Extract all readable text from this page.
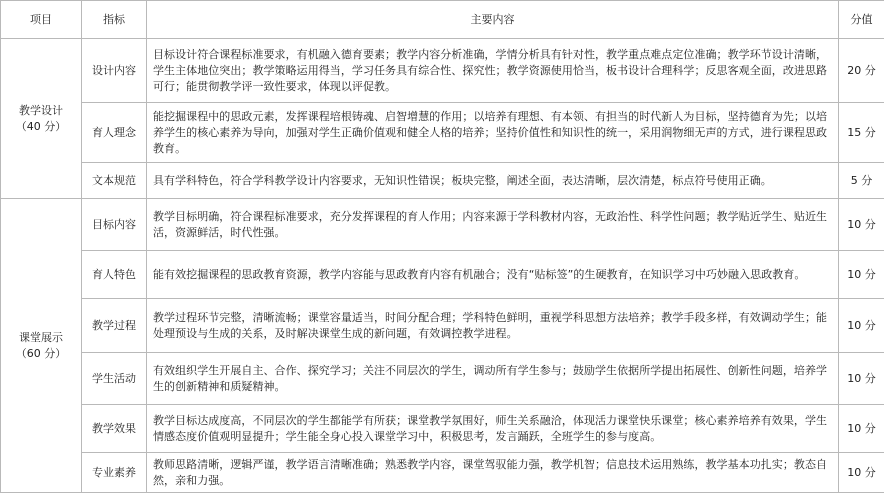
项目	指标	主要内容	分值

教学设计
（40 分）	设计内容	目标设计符合课程标准要求，有机融入德育要素；教学内容分析准确，学情分析具有针对性，教学重点难点定位准确；教学环节设计清晰，学生主体地位突出；教学策略运用得当，学习任务具有综合性、探究性；教学资源使用恰当，板书设计合理科学；反思客观全面，改进思路可行；能贯彻教学评一致性要求，体现以评促教。	20 分
	育人理念	能挖掘课程中的思政元素，发挥课程培根铸魂、启智增慧的作用；以培养有理想、有本领、有担当的时代新人为目标，坚持德育为先；以培养学生的核心素养为导向，加强对学生正确价值观和健全人格的培养；坚持价值性和知识性的统一，采用润物细无声的方式，进行课程思政教育。	15 分
	文本规范	具有学科特色，符合学科教学设计内容要求，无知识性错误；板块完整，阐述全面，表达清晰，层次清楚，标点符号使用正确。	5 分

课堂展示
（60 分）	目标内容	教学目标明确，符合课程标准要求，充分发挥课程的育人作用；内容来源于学科教材内容，无政治性、科学性问题；教学贴近学生、贴近生活，资源鲜活，时代性强。	10 分
	育人特色	能有效挖掘课程的思政教育资源，教学内容能与思政教育内容有机融合；没有“贴标签”的生硬教育，在知识学习中巧妙融入思政教育。	10 分
	教学过程	教学过程环节完整，清晰流畅；课堂容量适当，时间分配合理；学科特色鲜明，重视学科思想方法培养；教学手段多样，有效调动学生；能处理预设与生成的关系，及时解决课堂生成的新问题，有效调控教学进程。	10 分
	学生活动	有效组织学生开展自主、合作、探究学习；关注不同层次的学生，调动所有学生参与；鼓励学生依据所学提出拓展性、创新性问题，培养学生的创新精神和质疑精神。	10 分
	教学效果	教学目标达成度高，不同层次的学生都能学有所获；课堂教学氛围好，师生关系融洽，体现活力课堂快乐课堂；核心素养培养有效果，学生情感态度价值观明显提升；学生能全身心投入课堂学习中，积极思考，发言踊跃，全班学生的参与度高。	10 分
	专业素养	教师思路清晰，逻辑严谨，教学语言清晰准确；熟悉教学内容，课堂驾驭能力强，教学机智；信息技术运用熟练，教学基本功扎实；教态自然，亲和力强。	10 分
